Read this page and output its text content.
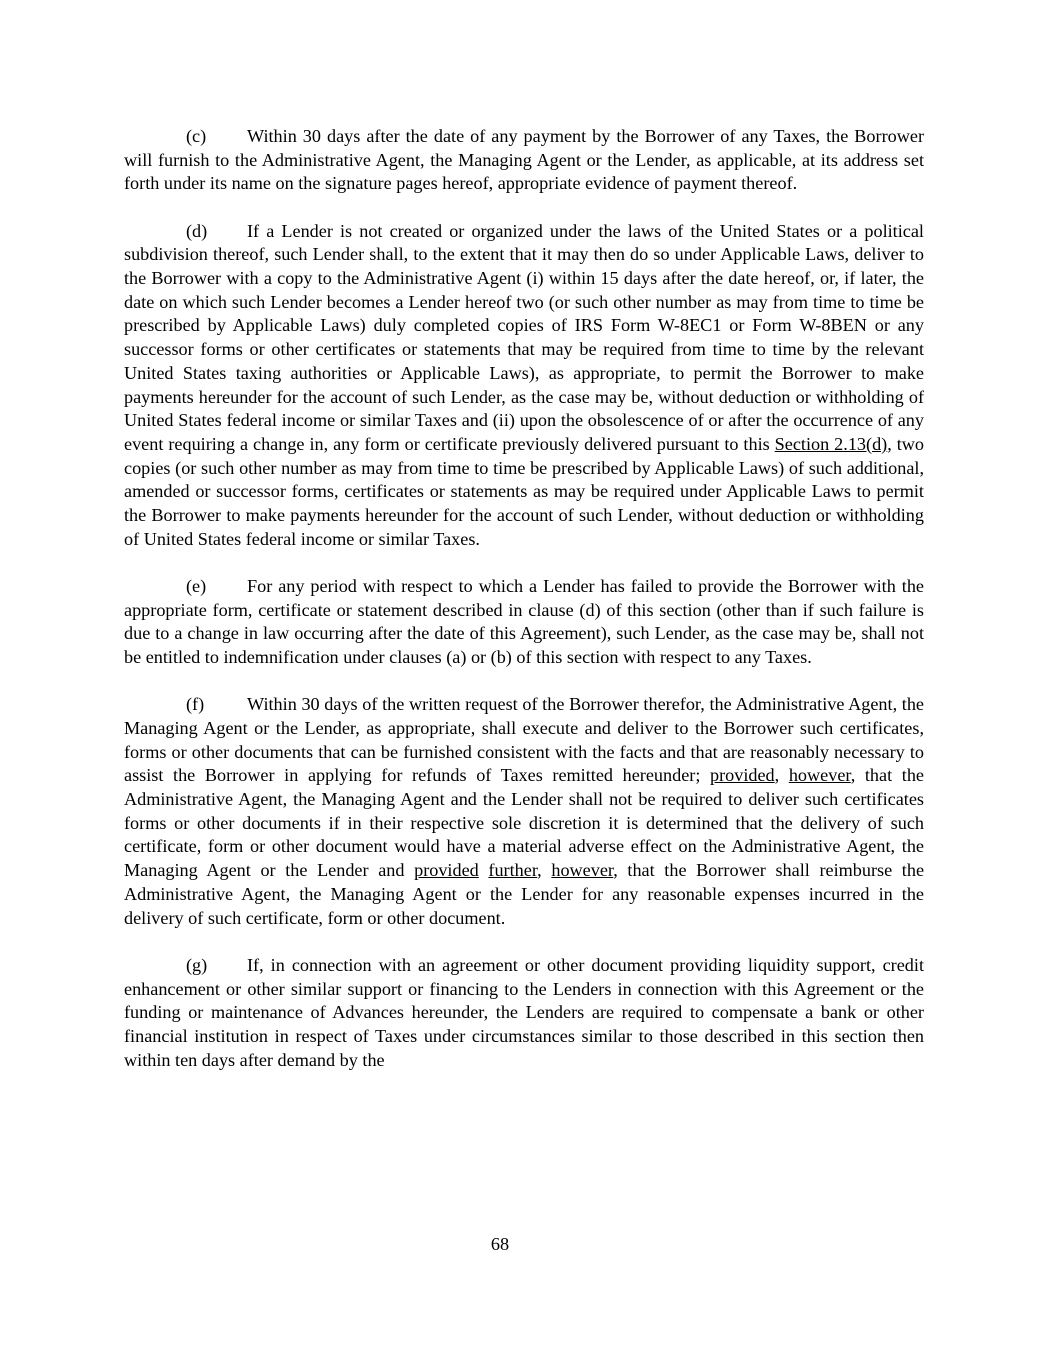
(c) Within 30 days after the date of any payment by the Borrower of any Taxes, the Borrower will furnish to the Administrative Agent, the Managing Agent or the Lender, as applicable, at its address set forth under its name on the signature pages hereof, appropriate evidence of payment thereof.

(d) If a Lender is not created or organized under the laws of the United States or a political subdivision thereof, such Lender shall, to the extent that it may then do so under Applicable Laws, deliver to the Borrower with a copy to the Administrative Agent (i) within 15 days after the date hereof, or, if later, the date on which such Lender becomes a Lender hereof two (or such other number as may from time to time be prescribed by Applicable Laws) duly completed copies of IRS Form W-8EC1 or Form W-8BEN or any successor forms or other certificates or statements that may be required from time to time by the relevant United States taxing authorities or Applicable Laws), as appropriate, to permit the Borrower to make payments hereunder for the account of such Lender, as the case may be, without deduction or withholding of United States federal income or similar Taxes and (ii) upon the obsolescence of or after the occurrence of any event requiring a change in, any form or certificate previously delivered pursuant to this Section 2.13(d), two copies (or such other number as may from time to time be prescribed by Applicable Laws) of such additional, amended or successor forms, certificates or statements as may be required under Applicable Laws to permit the Borrower to make payments hereunder for the account of such Lender, without deduction or withholding of United States federal income or similar Taxes.

(e) For any period with respect to which a Lender has failed to provide the Borrower with the appropriate form, certificate or statement described in clause (d) of this section (other than if such failure is due to a change in law occurring after the date of this Agreement), such Lender, as the case may be, shall not be entitled to indemnification under clauses (a) or (b) of this section with respect to any Taxes.

(f) Within 30 days of the written request of the Borrower therefor, the Administrative Agent, the Managing Agent or the Lender, as appropriate, shall execute and deliver to the Borrower such certificates, forms or other documents that can be furnished consistent with the facts and that are reasonably necessary to assist the Borrower in applying for refunds of Taxes remitted hereunder; provided, however, that the Administrative Agent, the Managing Agent and the Lender shall not be required to deliver such certificates forms or other documents if in their respective sole discretion it is determined that the delivery of such certificate, form or other document would have a material adverse effect on the Administrative Agent, the Managing Agent or the Lender and provided further, however, that the Borrower shall reimburse the Administrative Agent, the Managing Agent or the Lender for any reasonable expenses incurred in the delivery of such certificate, form or other document.

(g) If, in connection with an agreement or other document providing liquidity support, credit enhancement or other similar support or financing to the Lenders in connection with this Agreement or the funding or maintenance of Advances hereunder, the Lenders are required to compensate a bank or other financial institution in respect of Taxes under circumstances similar to those described in this section then within ten days after demand by the

68
